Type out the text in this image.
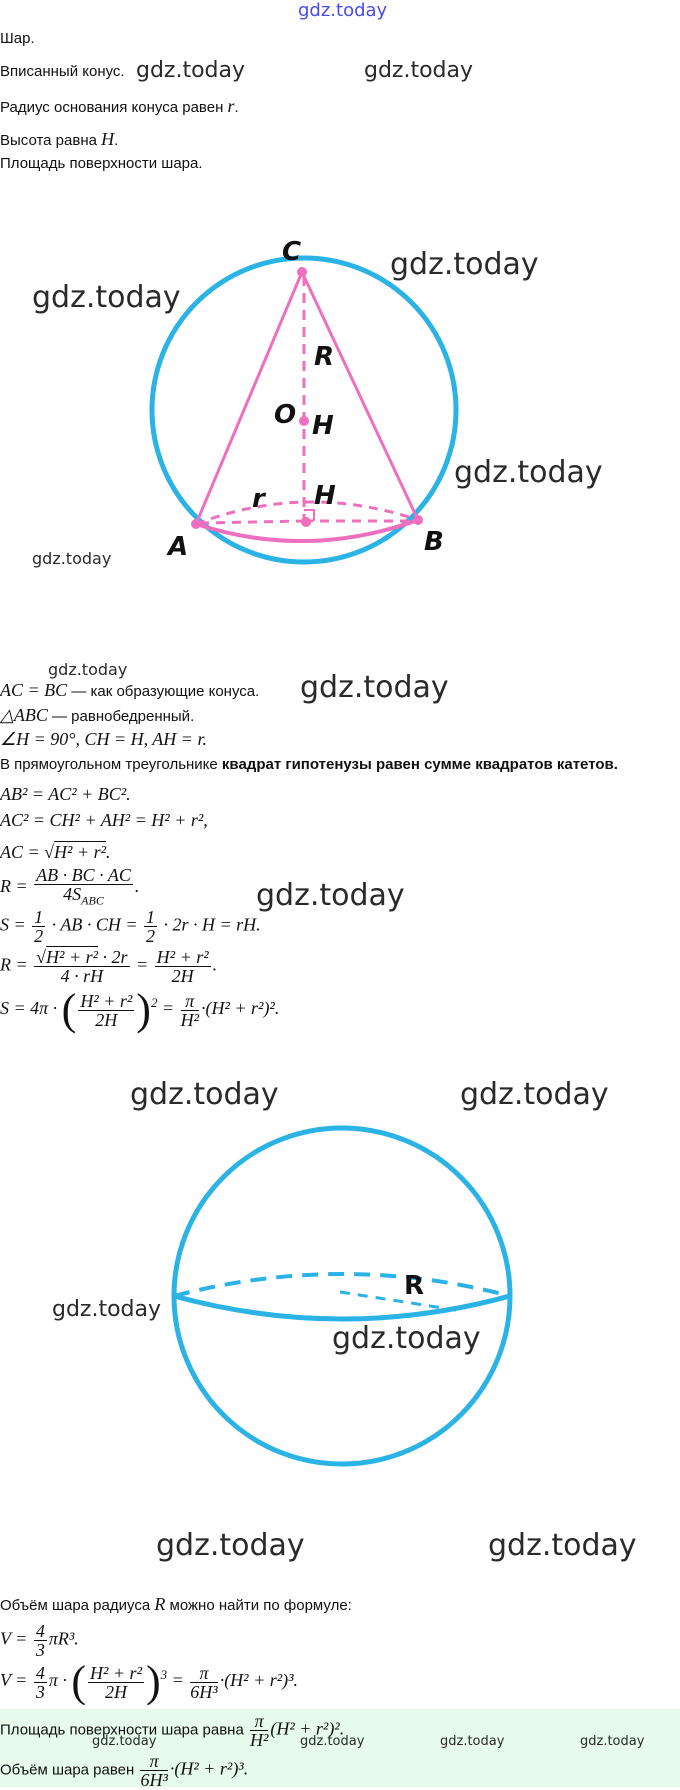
gdz.today
gdz.today	gdz.today
Шар.
Вписанный конус.
Радиус основания конуса равен r.
Высота равна H.
Площадь поверхности шара.
C
R
O H
r H
A	B
gdz.today
gdz.today
gdz.today
gdz.today
gdz.today
gdz.today
AC = BC — как образующие конуса.
△ABC — равнобедренный.
∠H = 90°, CH = H, AH = r.
В прямоугольном треугольнике квадрат гипотенузы равен сумме квадратов катетов.
AB² = AC² + BC².
AC² = CH² + AH² = H² + r²,
AC = √H² + r².
$R = \frac{AB \cdot BC \cdot AC}{4S_{ABC}}$ .	gdz.today
$S = \frac{1}{2}$ · AB · CH = $\frac{1}{2} \cdot 2r \cdot H$ = rH.
$R = \frac{\text{√H² + r² · 2r}}{4 \cdot rH} = \frac{\text{H² + r²}}{2H}$ .
S = 4π · ( $\frac{\text{H² + r²}}{2H} )^2 = \frac{\pi}{\text{H²}} \cdot(H^2 + r^2)^2$.
R
gdz.today	gdz.today
gdz.today
gdz.today
gdz.today	gdz.today
Объём шара радиуса R можно найти по формуле:
$V = \frac{4}{3} \pi R^3$.
$V = \frac{4}{3}$ π · ( $\frac{\text{H² + r²}}{2H} )^3 = \frac{\pi}{\text{6H³}} \cdot(H^2 + r^2)^3$.
Площадь поверхности шара равна $\frac{\pi}{\text{H²}} (H^2 + r^2)^2$.
gdz.today	gdz.today	gdz.today	gdz.today
Объём шара равен $\frac{\pi}{\text{6H³}} \cdot(H^2 + r^2)^3$.
